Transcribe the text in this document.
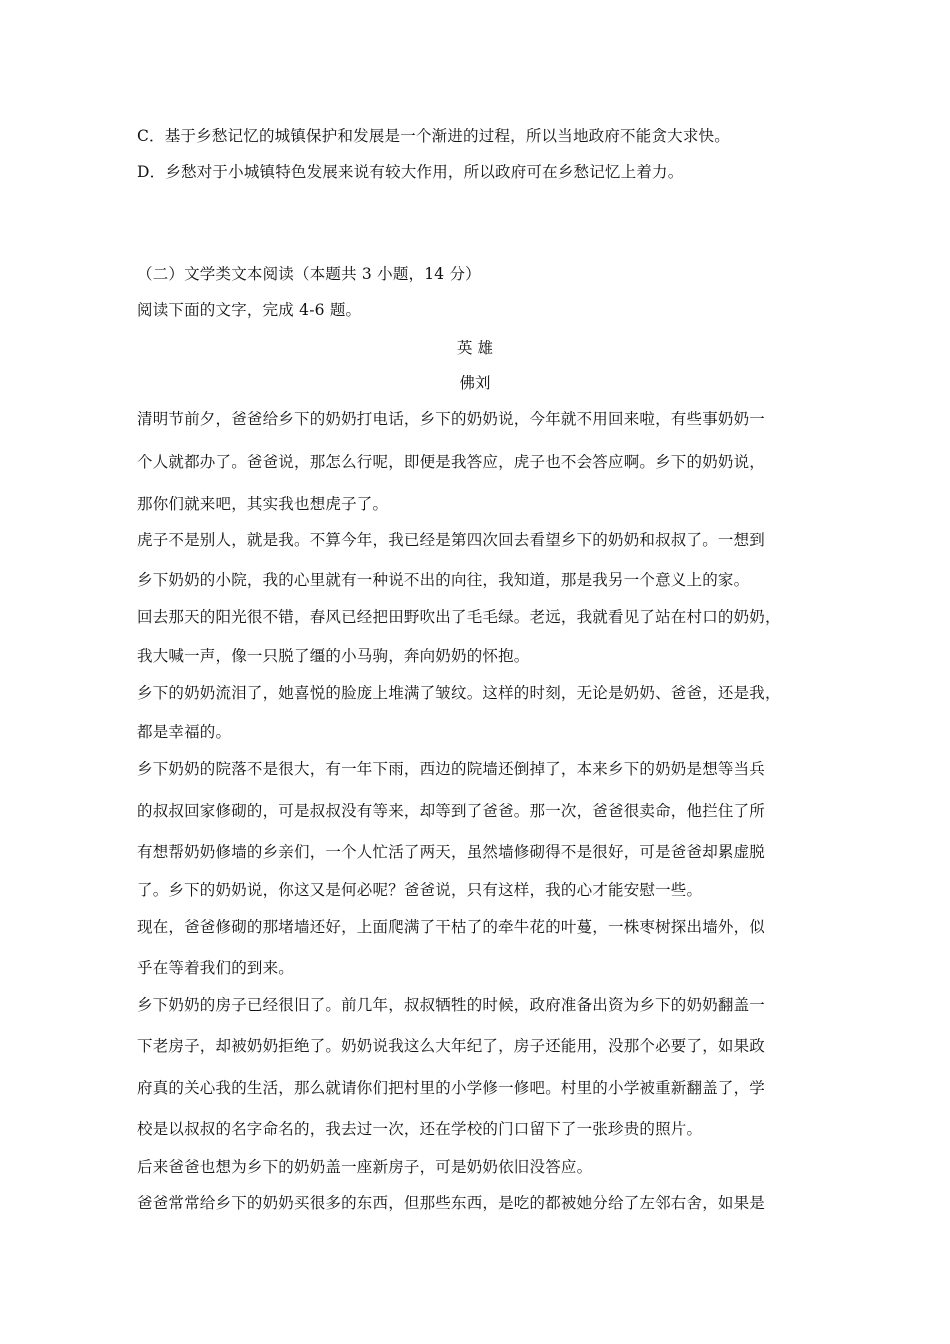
C．基于乡愁记忆的城镇保护和发展是一个渐进的过程，所以当地政府不能贪大求快。
D．乡愁对于小城镇特色发展来说有较大作用，所以政府可在乡愁记忆上着力。
（二）文学类文本阅读（本题共 3 小题，14 分）
阅读下面的文字，完成 4-6 题。
英 雄
佛刘
清明节前夕，爸爸给乡下的奶奶打电话，乡下的奶奶说，今年就不用回来啦，有些事奶奶一
个人就都办了。爸爸说，那怎么行呢，即便是我答应，虎子也不会答应啊。乡下的奶奶说，
那你们就来吧，其实我也想虎子了。
虎子不是别人，就是我。不算今年，我已经是第四次回去看望乡下的奶奶和叔叔了。一想到
乡下奶奶的小院，我的心里就有一种说不出的向往，我知道，那是我另一个意义上的家。
回去那天的阳光很不错，春风已经把田野吹出了毛毛绿。老远，我就看见了站在村口的奶奶，
我大喊一声，像一只脱了缰的小马驹，奔向奶奶的怀抱。
乡下的奶奶流泪了，她喜悦的脸庞上堆满了皱纹。这样的时刻，无论是奶奶、爸爸，还是我，
都是幸福的。
乡下奶奶的院落不是很大，有一年下雨，西边的院墙还倒掉了，本来乡下的奶奶是想等当兵
的叔叔回家修砌的，可是叔叔没有等来，却等到了爸爸。那一次，爸爸很卖命，他拦住了所
有想帮奶奶修墙的乡亲们，一个人忙活了两天，虽然墙修砌得不是很好，可是爸爸却累虚脱
了。乡下的奶奶说，你这又是何必呢？爸爸说，只有这样，我的心才能安慰一些。
现在，爸爸修砌的那堵墙还好，上面爬满了干枯了的牵牛花的叶蔓，一株枣树探出墙外，似
乎在等着我们的到来。
乡下奶奶的房子已经很旧了。前几年，叔叔牺牲的时候，政府准备出资为乡下的奶奶翻盖一
下老房子，却被奶奶拒绝了。奶奶说我这么大年纪了，房子还能用，没那个必要了，如果政
府真的关心我的生活，那么就请你们把村里的小学修一修吧。村里的小学被重新翻盖了，学
校是以叔叔的名字命名的，我去过一次，还在学校的门口留下了一张珍贵的照片。
后来爸爸也想为乡下的奶奶盖一座新房子，可是奶奶依旧没答应。
爸爸常常给乡下的奶奶买很多的东西，但那些东西，是吃的都被她分给了左邻右舍，如果是
